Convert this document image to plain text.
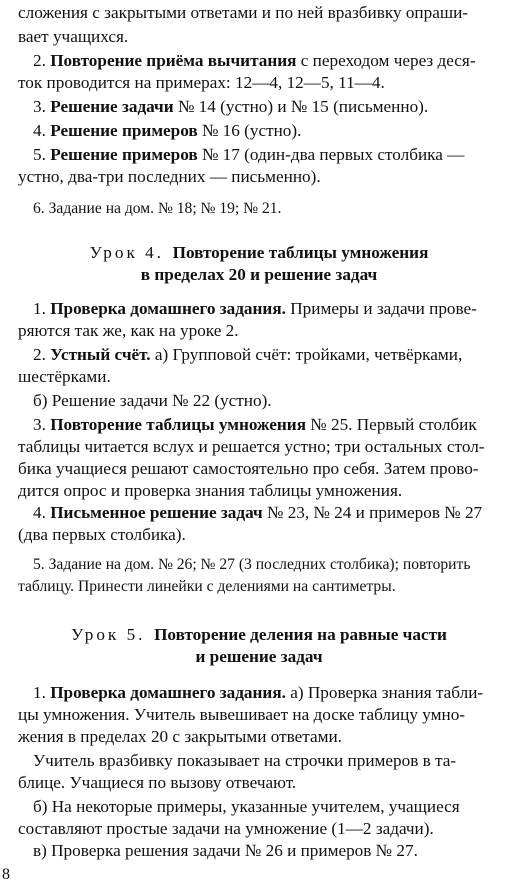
сложения с закрытыми ответами и по ней вразбивку опраши-
вает учащихся.
2. Повторение приёма вычитания с переходом через деся-
ток проводится на примерах: 12—4, 12—5, 11—4.
3. Решение задачи № 14 (устно) и № 15 (письменно).
4. Решение примеров № 16 (устно).
5. Решение примеров № 17 (один-два первых столбика —
устно, два-три последних — письменно).
6. Задание на дом. № 18; № 19; № 21.
Урок 4. Повторение таблицы умножения
в пределах 20 и решение задач
1. Проверка домашнего задания. Примеры и задачи прове-
ряются так же, как на уроке 2.
2. Устный счёт. а) Групповой счёт: тройками, четвёрками,
шестёрками.
б) Решение задачи № 22 (устно).
3. Повторение таблицы умножения № 25. Первый столбик
таблицы читается вслух и решается устно; три остальных стол-
бика учащиеся решают самостоятельно про себя. Затем прово-
дится опрос и проверка знания таблицы умножения.
4. Письменное решение задач № 23, № 24 и примеров № 27
(два первых столбика).
5. Задание на дом. № 26; № 27 (3 последних столбика); повторить
таблицу. Принести линейки с делениями на сантиметры.
Урок 5. Повторение деления на равные части
и решение задач
1. Проверка домашнего задания. а) Проверка знания табли-
цы умножения. Учитель вывешивает на доске таблицу умно-
жения в пределах 20 с закрытыми ответами.
Учитель вразбивку показывает на строчки примеров в та-
блице. Учащиеся по вызову отвечают.
б) На некоторые примеры, указанные учителем, учащиеся
составляют простые задачи на умножение (1—2 задачи).
в) Проверка решения задачи № 26 и примеров № 27.
8
